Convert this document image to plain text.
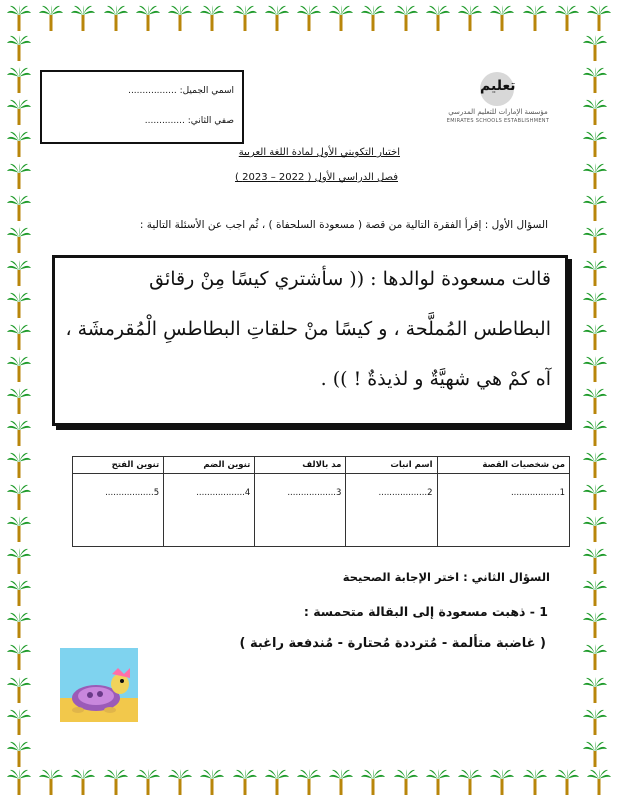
اسمي الجميل: .................
صفي الثاني: ..............
تعليم
مؤسسة الإمارات للتعليم المدرسي
EMIRATES SCHOOLS ESTABLISHMENT
اختبار التكويني الأول لمادة اللغة العربية
فصل الدراسي الأول ( 2022 – 2023 )
السؤال الأول : إقرأ الفقرة التالية من قصة ( مسعودة السلحفاة ) ، ثُم اجب عن الأسئلة التالية :

قالت مسعودة لوالدها : (( سأشتري كيسًا مِنْ رقائق

البطاطس المُملَّحة ، و كيسًا منْ حلقاتِ البطاطسِ الْمُقرمشَة ،

آه كمْ هي شهيَّةٌ و لذيذةٌ ! )) .

من شخصيات القصة	اسم انبات	مد بالالف	تنوين الضم	تنوين الفتح
1..................	2..................	3..................	4..................	5..................
السؤال الثاني : اختر الإجابة الصحيحة
1 - ذهبت مسعودة إلى البقالة متحمسة :
( غاضبة متألمة - مُترددة مُحتارة - مُندفعة راغبة )
